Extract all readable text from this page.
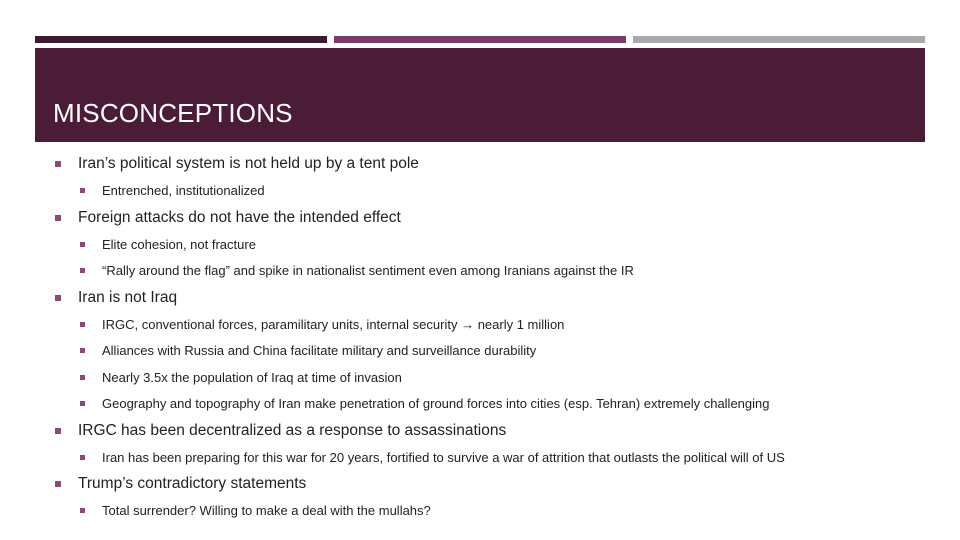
MISCONCEPTIONS
Iran’s political system is not held up by a tent pole
Entrenched, institutionalized
Foreign attacks do not have the intended effect
Elite cohesion, not fracture
“Rally around the flag” and spike in nationalist sentiment even among Iranians against the IR
Iran is not Iraq
IRGC, conventional forces, paramilitary units, internal security → nearly 1 million
Alliances with Russia and China facilitate military and surveillance durability
Nearly 3.5x the population of Iraq at time of invasion
Geography and topography of Iran make penetration of ground forces into cities (esp. Tehran) extremely challenging
IRGC has been decentralized as a response to assassinations
Iran has been preparing for this war for 20 years, fortified to survive a war of attrition that outlasts the political will of US
Trump’s contradictory statements
Total surrender? Willing to make a deal with the mullahs?
